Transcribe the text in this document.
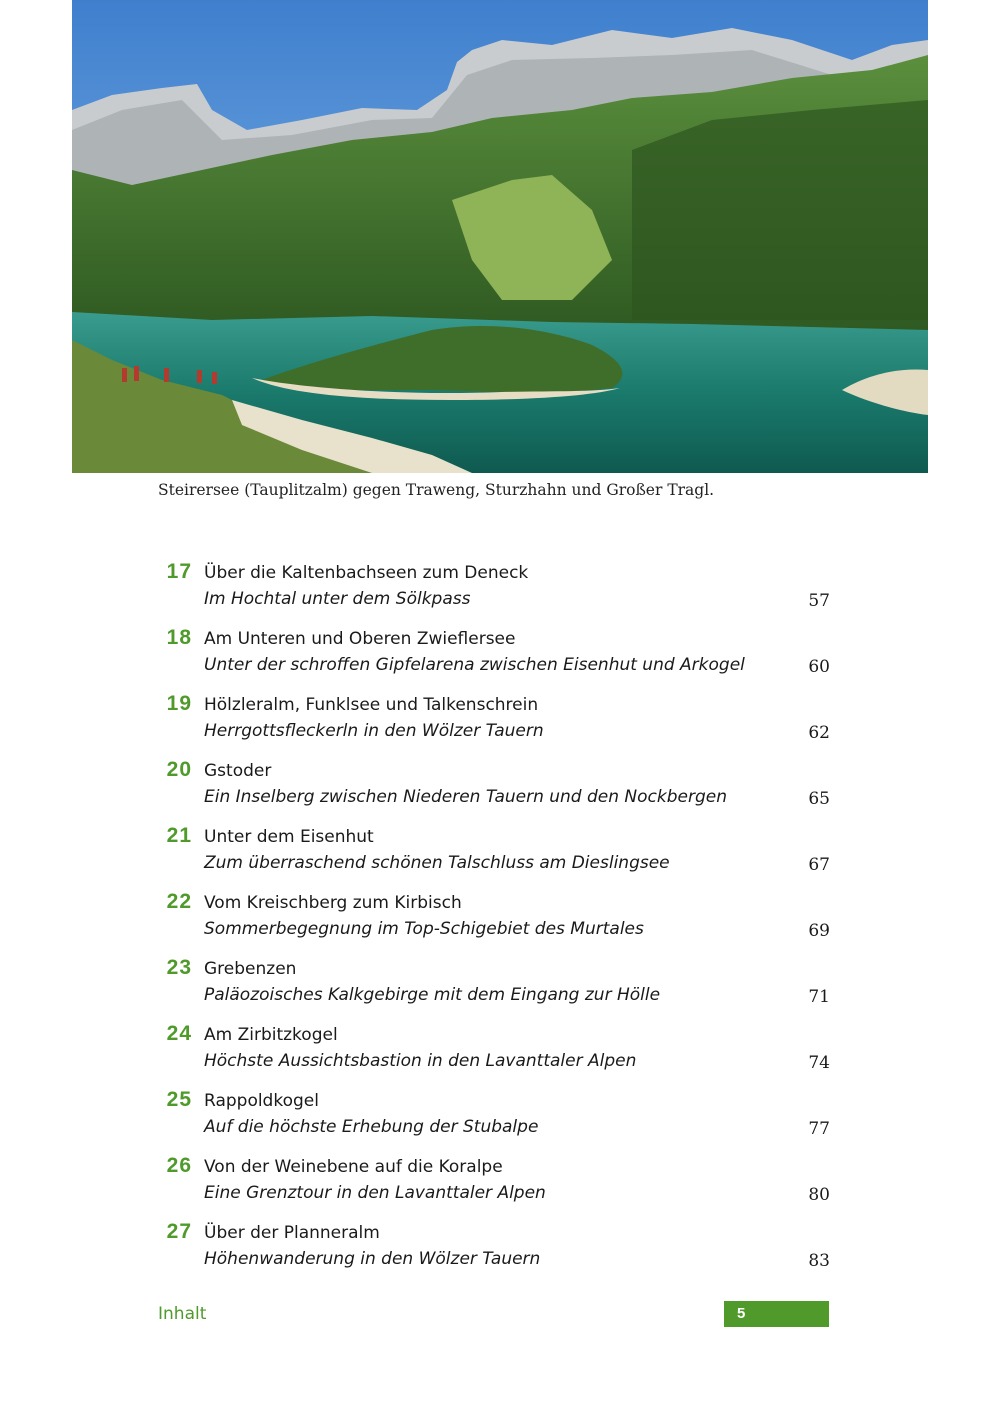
Steirersee (Tauplitzalm) gegen Traweng, Sturzhahn und Großer Tragl.
17 Über die Kaltenbachseen zum Deneck
Im Hochtal unter dem Sölkpass	57
18 Am Unteren und Oberen Zwieflersee
Unter der schroffen Gipfelarena zwischen Eisenhut und Arkogel	60
19 Hölzleralm, Funklsee und Talkenschrein
Herrgottsfleckerln in den Wölzer Tauern	62
20 Gstoder
Ein Inselberg zwischen Niederen Tauern und den Nockbergen	65
21 Unter dem Eisenhut
Zum überraschend schönen Talschluss am Dieslingsee	67
22 Vom Kreischberg zum Kirbisch
Sommerbegegnung im Top-Schigebiet des Murtales	69
23 Grebenzen
Paläozoisches Kalkgebirge mit dem Eingang zur Hölle	71
24 Am Zirbitzkogel
Höchste Aussichtsbastion in den Lavanttaler Alpen	74
25 Rappoldkogel
Auf die höchste Erhebung der Stubalpe	77
26 Von der Weinebene auf die Koralpe
Eine Grenztour in den Lavanttaler Alpen	80
27 Über der Planneralm
Höhenwanderung in den Wölzer Tauern	83
Inhalt	5
